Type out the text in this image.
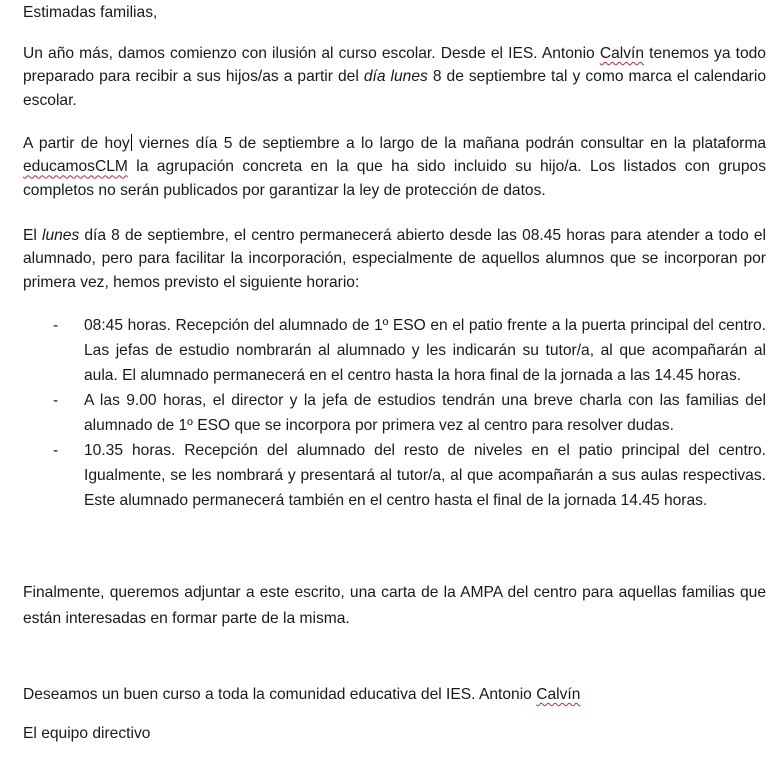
Estimadas familias,

Un año más, damos comienzo con ilusión al curso escolar. Desde el IES. Antonio Calvín tenemos ya todo preparado para recibir a sus hijos/as a partir del día lunes 8 de septiembre tal y como marca el calendario escolar.

A partir de hoy viernes día 5 de septiembre a lo largo de la mañana podrán consultar en la plataforma educamosCLM la agrupación concreta en la que ha sido incluido su hijo/a. Los listados con grupos completos no serán publicados por garantizar la ley de protección de datos.

El lunes día 8 de septiembre, el centro permanecerá abierto desde las 08.45 horas para atender a todo el alumnado, pero para facilitar la incorporación, especialmente de aquellos alumnos que se incorporan por primera vez, hemos previsto el siguiente horario:

- 08:45 horas. Recepción del alumnado de 1º ESO en el patio frente a la puerta principal del centro. Las jefas de estudio nombrarán al alumnado y les indicarán su tutor/a, al que acompañarán al aula. El alumnado permanecerá en el centro hasta la hora final de la jornada a las 14.45 horas.
- A las 9.00 horas, el director y la jefa de estudios tendrán una breve charla con las familias del alumnado de 1º ESO que se incorpora por primera vez al centro para resolver dudas.
- 10.35 horas. Recepción del alumnado del resto de niveles en el patio principal del centro. Igualmente, se les nombrará y presentará al tutor/a, al que acompañarán a sus aulas respectivas. Este alumnado permanecerá también en el centro hasta el final de la jornada 14.45 horas.

Finalmente, queremos adjuntar a este escrito, una carta de la AMPA del centro para aquellas familias que están interesadas en formar parte de la misma.

Deseamos un buen curso a toda la comunidad educativa del IES. Antonio Calvín

El equipo directivo
